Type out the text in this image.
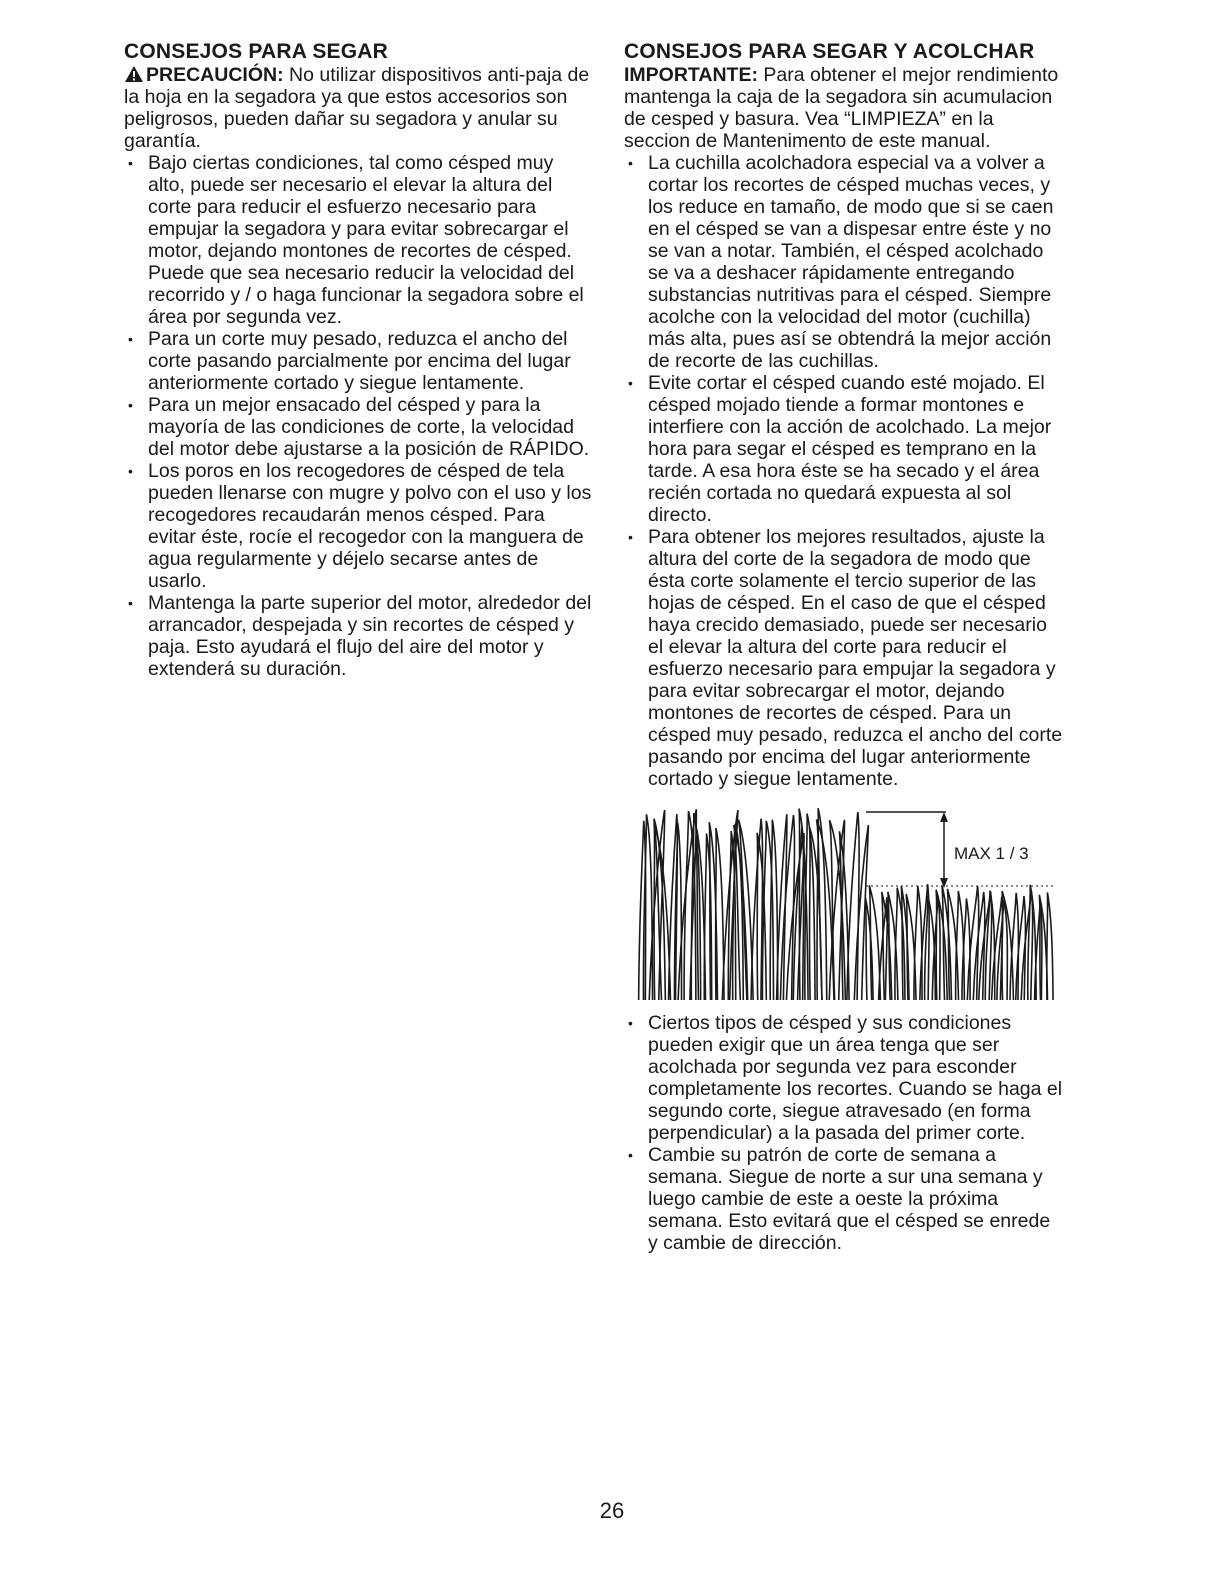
CONSEJOS PARA SEGAR

PRECAUCIÓN: No utilizar dispositivos anti-paja de la hoja en la segadora ya que estos accesorios son peligrosos, pueden dañar su segadora y anular su garantía.

• Bajo ciertas condiciones, tal como césped muy alto, puede ser necesario el elevar la altura del corte para reducir el esfuerzo necesario para empujar la segadora y para evitar sobrecargar el motor, dejando montones de recortes de césped. Puede que sea necesario reducir la velocidad del recorrido y / o haga funcionar la segadora sobre el área por segunda vez.
• Para un corte muy pesado, reduzca el ancho del corte pasando parcialmente por encima del lugar anteriormente cortado y siegue lentamente.
• Para un mejor ensacado del césped y para la mayoría de las condiciones de corte, la velocidad del motor debe ajustarse a la posición de RÁPIDO.
• Los poros en los recogedores de césped de tela pueden llenarse con mugre y polvo con el uso y los recogedores recaudarán menos césped. Para evitar éste, rocíe el recogedor con la manguera de agua regularmente y déjelo secarse antes de usarlo.
• Mantenga la parte superior del motor, alrededor del arrancador, despejada y sin recortes de césped y paja. Esto ayudará el flujo del aire del motor y extenderá su duración.
CONSEJOS PARA SEGAR Y ACOLCHAR

IMPORTANTE: Para obtener el mejor rendimiento mantenga la caja de la segadora sin acumulacion de cesped y basura. Vea “LIMPIEZA” en la seccion de Mantenimento de este manual.

• La cuchilla acolchadora especial va a volver a cortar los recortes de césped muchas veces, y los reduce en tamaño, de modo que si se caen en el césped se van a dispesar entre éste y no se van a notar. También, el césped acolchado se va a deshacer rápidamente entregando substancias nutritivas para el césped. Siempre acolche con la velocidad del motor (cuchilla) más alta, pues así se obtendrá la mejor acción de recorte de las cuchillas.
• Evite cortar el césped cuando esté mojado. El césped mojado tiende a formar montones e interfiere con la acción de acolchado. La mejor hora para segar el césped es temprano en la tarde. A esa hora éste se ha secado y el área recién cortada no quedará expuesta al sol directo.
• Para obtener los mejores resultados, ajuste la altura del corte de la segadora de modo que ésta corte solamente el tercio superior de las hojas de césped. En el caso de que el césped haya crecido demasiado, puede ser necesario el elevar la altura del corte para reducir el esfuerzo necesario para empujar la segadora y para evitar sobrecargar el motor, dejando montones de recortes de césped. Para un césped muy pesado, reduzca el ancho del corte pasando por encima del lugar anteriormente cortado y siegue lentamente.
MAX 1 / 3
• Ciertos tipos de césped y sus condiciones pueden exigir que un área tenga que ser acolchada por segunda vez para esconder completamente los recortes. Cuando se haga el segundo corte, siegue atravesado (en forma perpendicular) a la pasada del primer corte.
• Cambie su patrón de corte de semana a semana. Siegue de norte a sur una semana y luego cambie de este a oeste la próxima semana. Esto evitará que el césped se enrede y cambie de dirección.
26
